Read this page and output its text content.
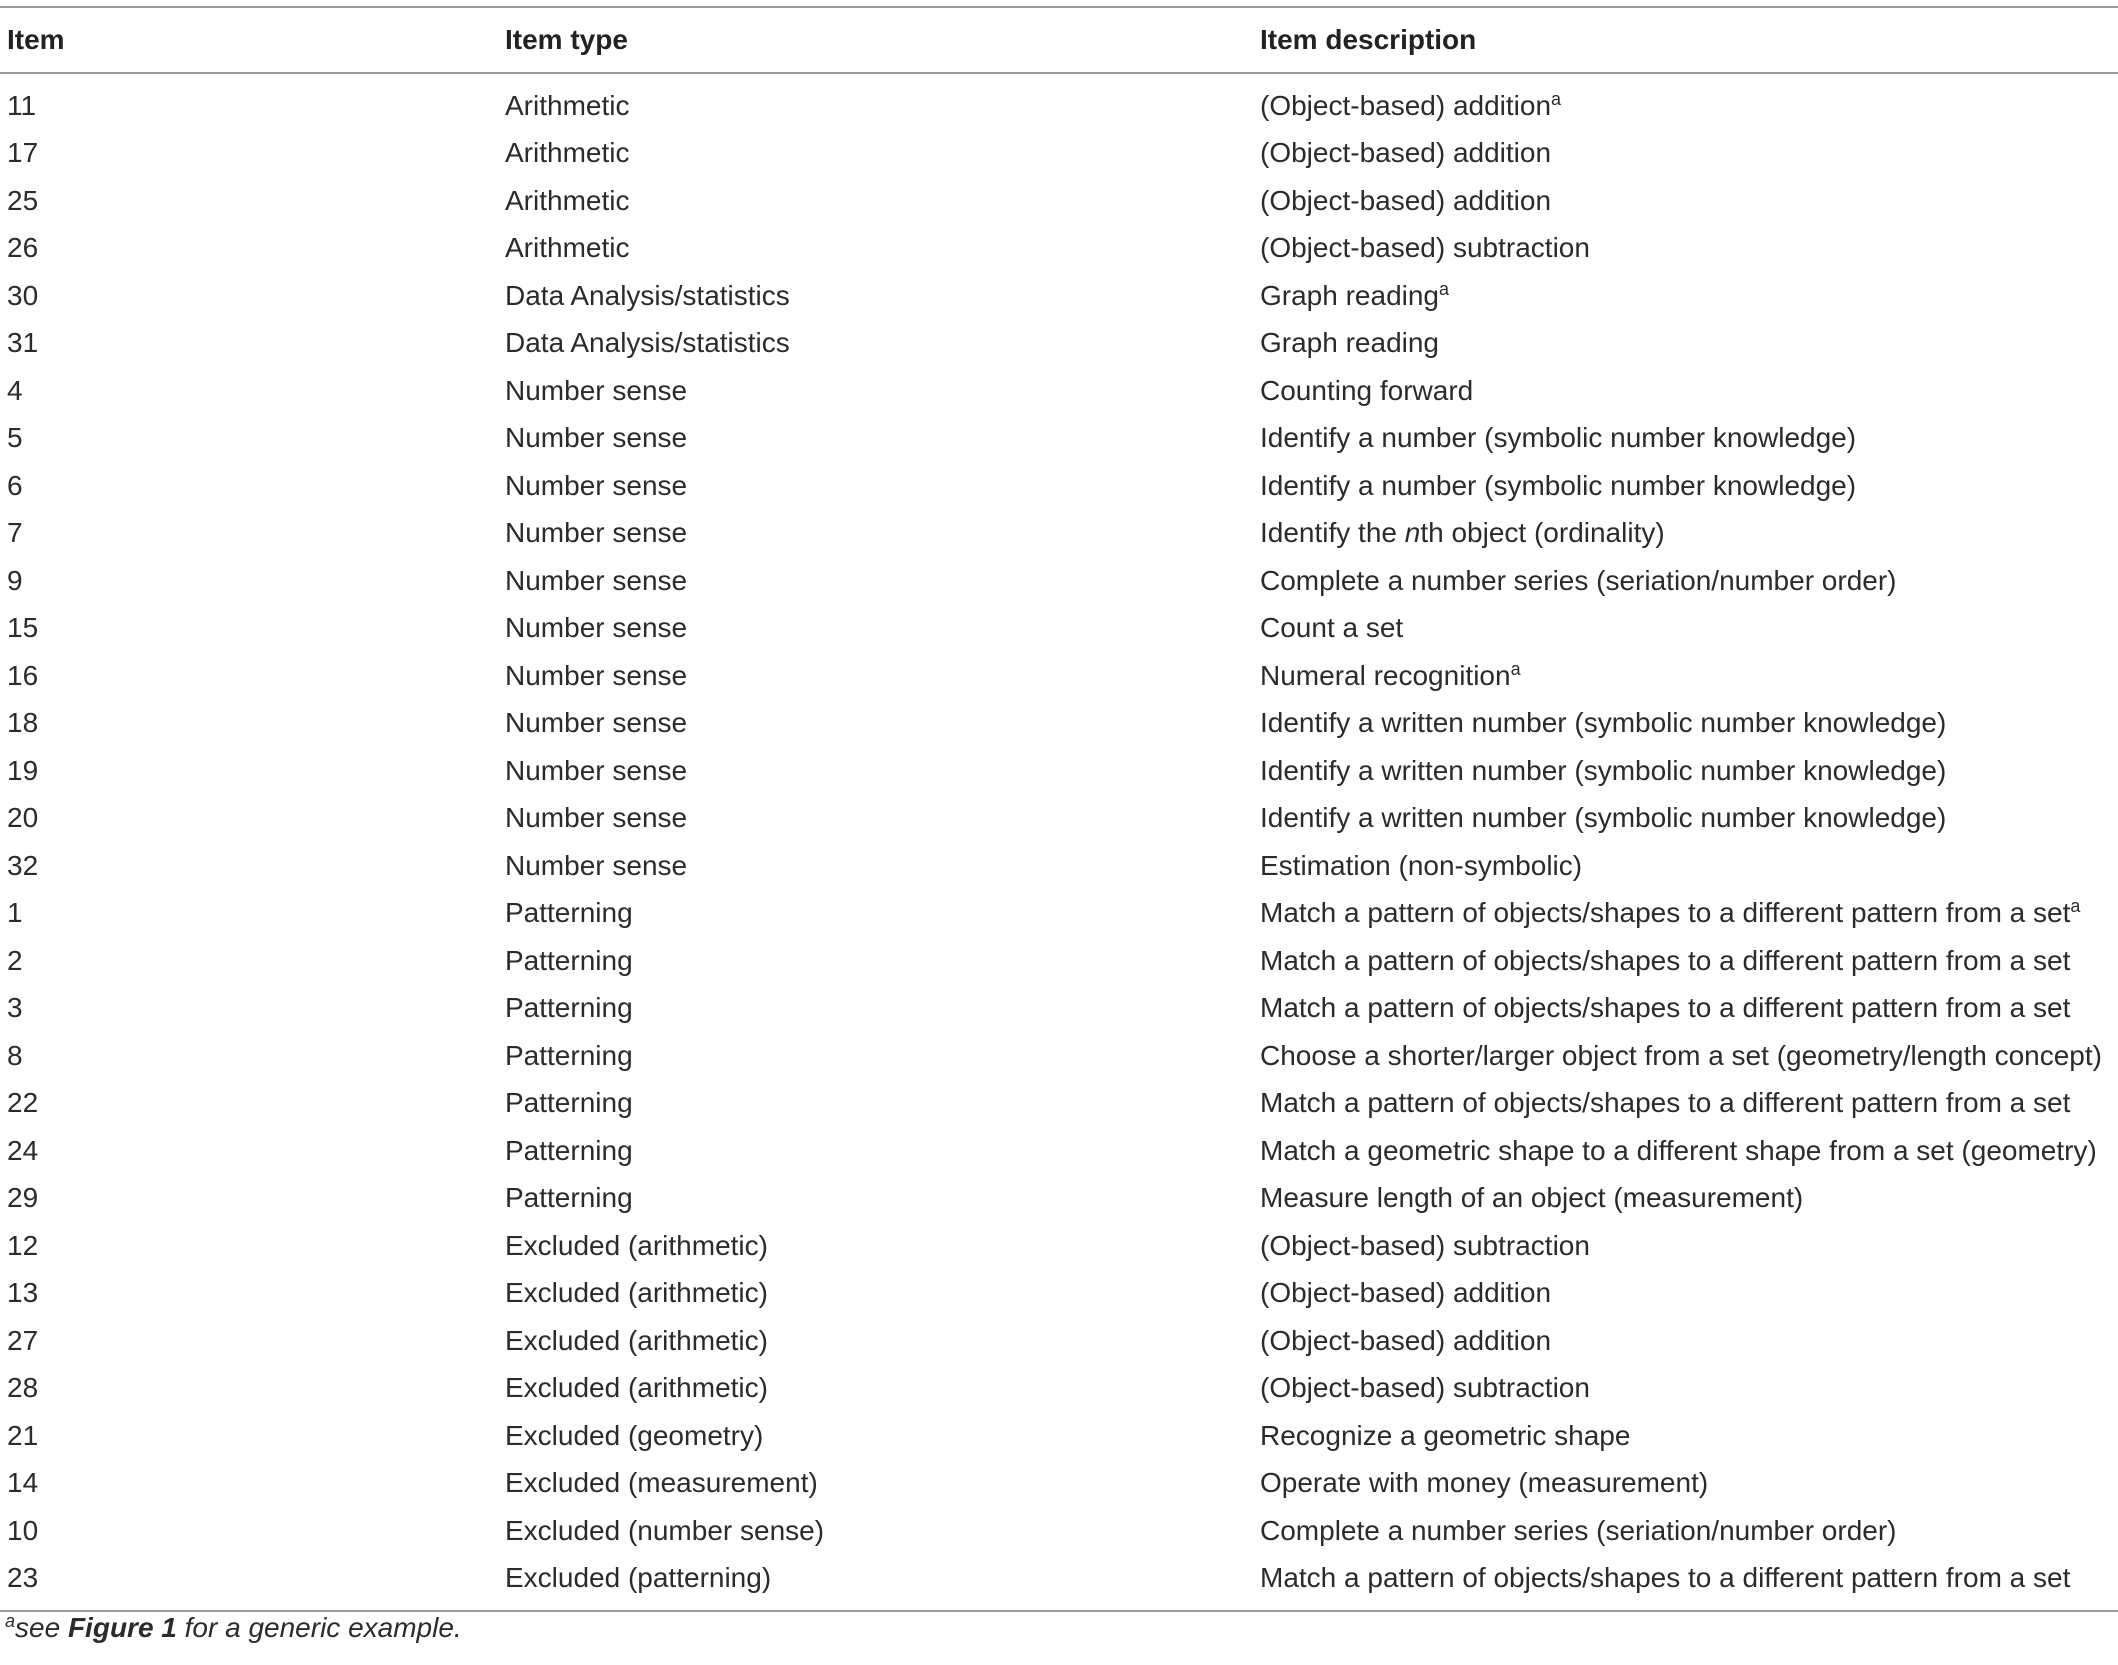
Item	Item type	Item description
11	Arithmetic	(Object-based) addition$^a$
17	Arithmetic	(Object-based) addition
25	Arithmetic	(Object-based) addition
26	Arithmetic	(Object-based) subtraction
30	Data Analysis/statistics	Graph reading$^a$
31	Data Analysis/statistics	Graph reading
4	Number sense	Counting forward
5	Number sense	Identify a number (symbolic number knowledge)
6	Number sense	Identify a number (symbolic number knowledge)
7	Number sense	Identify the nth object (ordinality)
9	Number sense	Complete a number series (seriation/number order)
15	Number sense	Count a set
16	Number sense	Numeral recognition$^a$
18	Number sense	Identify a written number (symbolic number knowledge)
19	Number sense	Identify a written number (symbolic number knowledge)
20	Number sense	Identify a written number (symbolic number knowledge)
32	Number sense	Estimation (non-symbolic)
1	Patterning	Match a pattern of objects/shapes to a different pattern from a set$^a$
2	Patterning	Match a pattern of objects/shapes to a different pattern from a set
3	Patterning	Match a pattern of objects/shapes to a different pattern from a set
8	Patterning	Choose a shorter/larger object from a set (geometry/length concept)
22	Patterning	Match a pattern of objects/shapes to a different pattern from a set
24	Patterning	Match a geometric shape to a different shape from a set (geometry)
29	Patterning	Measure length of an object (measurement)
12	Excluded (arithmetic)	(Object-based) subtraction
13	Excluded (arithmetic)	(Object-based) addition
27	Excluded (arithmetic)	(Object-based) addition
28	Excluded (arithmetic)	(Object-based) subtraction
21	Excluded (geometry)	Recognize a geometric shape
14	Excluded (measurement)	Operate with money (measurement)
10	Excluded (number sense)	Complete a number series (seriation/number order)
23	Excluded (patterning)	Match a pattern of objects/shapes to a different pattern from a set
$^a$see Figure 1 for a generic example.
